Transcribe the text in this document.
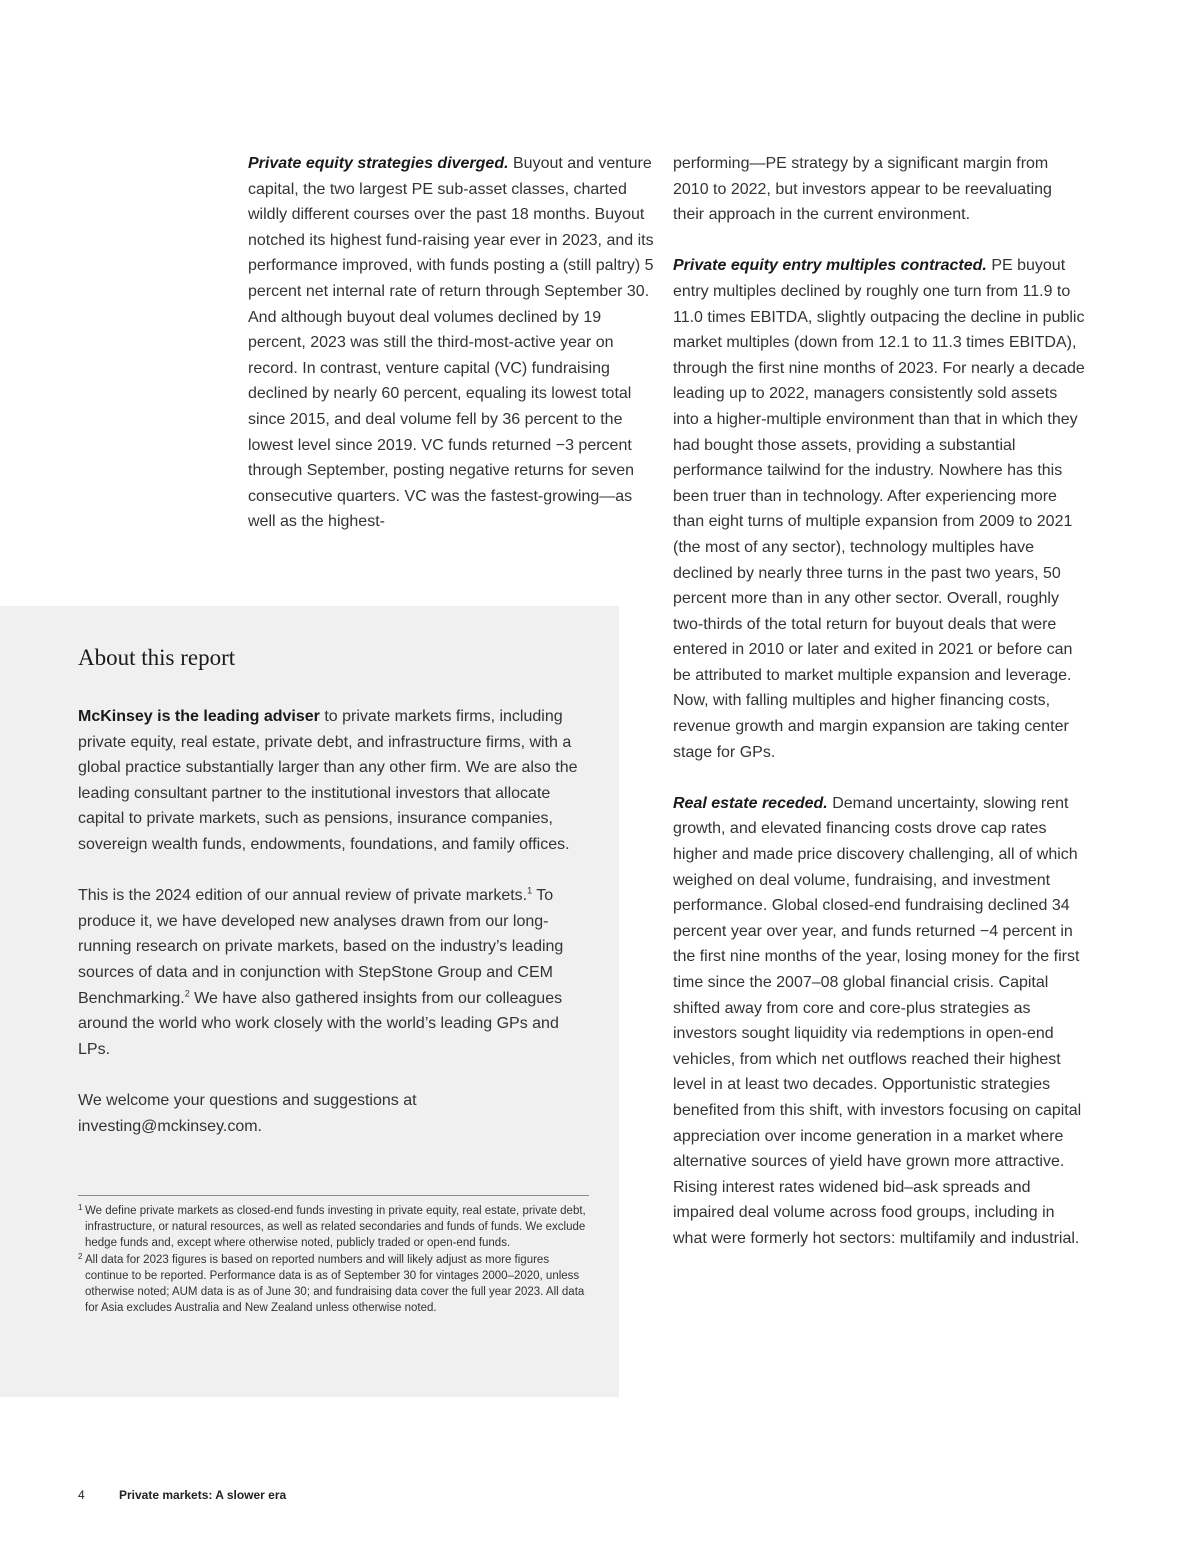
Private equity strategies diverged. Buyout and venture capital, the two largest PE sub-asset classes, charted wildly different courses over the past 18 months. Buyout notched its highest fund-raising year ever in 2023, and its performance improved, with funds posting a (still paltry) 5 percent net internal rate of return through September 30. And although buyout deal volumes declined by 19 percent, 2023 was still the third-most-active year on record. In contrast, venture capital (VC) fundraising declined by nearly 60 percent, equaling its lowest total since 2015, and deal volume fell by 36 percent to the lowest level since 2019. VC funds returned −3 percent through September, posting negative returns for seven consecutive quarters. VC was the fastest-growing—as well as the highest-

performing—PE strategy by a significant margin from 2010 to 2022, but investors appear to be reevaluating their approach in the current environment.

Private equity entry multiples contracted. PE buyout entry multiples declined by roughly one turn from 11.9 to 11.0 times EBITDA, slightly outpacing the decline in public market multiples (down from 12.1 to 11.3 times EBITDA), through the first nine months of 2023. For nearly a decade leading up to 2022, managers consistently sold assets into a higher-multiple environment than that in which they had bought those assets, providing a substantial performance tailwind for the industry. Nowhere has this been truer than in technology. After experiencing more than eight turns of multiple expansion from 2009 to 2021 (the most of any sector), technology multiples have declined by nearly three turns in the past two years, 50 percent more than in any other sector. Overall, roughly two-thirds of the total return for buyout deals that were entered in 2010 or later and exited in 2021 or before can be attributed to market multiple expansion and leverage. Now, with falling multiples and higher financing costs, revenue growth and margin expansion are taking center stage for GPs.

Real estate receded. Demand uncertainty, slowing rent growth, and elevated financing costs drove cap rates higher and made price discovery challenging, all of which weighed on deal volume, fundraising, and investment performance. Global closed-end fundraising declined 34 percent year over year, and funds returned −4 percent in the first nine months of the year, losing money for the first time since the 2007–08 global financial crisis. Capital shifted away from core and core-plus strategies as investors sought liquidity via redemptions in open-end vehicles, from which net outflows reached their highest level in at least two decades. Opportunistic strategies benefited from this shift, with investors focusing on capital appreciation over income generation in a market where alternative sources of yield have grown more attractive. Rising interest rates widened bid–ask spreads and impaired deal volume across food groups, including in what were formerly hot sectors: multifamily and industrial.

About this report

McKinsey is the leading adviser to private markets firms, including private equity, real estate, private debt, and infrastructure firms, with a global practice substantially larger than any other firm. We are also the leading consultant partner to the institutional investors that allocate capital to private markets, such as pensions, insurance companies, sovereign wealth funds, endowments, foundations, and family offices.

This is the 2024 edition of our annual review of private markets.$^1$ To produce it, we have developed new analyses drawn from our long-running research on private markets, based on the industry’s leading sources of data and in conjunction with StepStone Group and CEM Benchmarking.$^2$ We have also gathered insights from our colleagues around the world who work closely with the world’s leading GPs and LPs.

We welcome your questions and suggestions at investing@mckinsey.com.

1 We define private markets as closed-end funds investing in private equity, real estate, private debt, infrastructure, or natural resources, as well as related secondaries and funds of funds. We exclude hedge funds and, except where otherwise noted, publicly traded or open-end funds.
2 All data for 2023 figures is based on reported numbers and will likely adjust as more figures continue to be reported. Performance data is as of September 30 for vintages 2000–2020, unless otherwise noted; AUM data is as of June 30; and fundraising data cover the full year 2023. All data for Asia excludes Australia and New Zealand unless otherwise noted.
4	Private markets: A slower era
